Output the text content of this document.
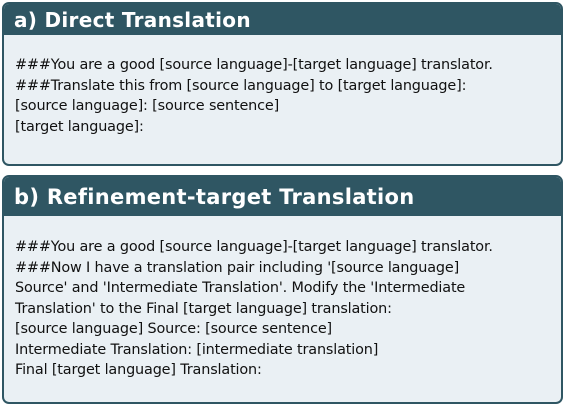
a) Direct Translation
###You are a good [source language]-[target language] translator.
###Translate this from [source language] to [target language]:
[source language]: [source sentence]
[target language]:
b) Refinement-target Translation
###You are a good [source language]-[target language] translator.
###Now I have a translation pair including '[source language]
Source' and 'Intermediate Translation'. Modify the 'Intermediate
Translation' to the Final [target language] translation:
[source language] Source: [source sentence]
Intermediate Translation: [intermediate translation]
Final [target language] Translation:
